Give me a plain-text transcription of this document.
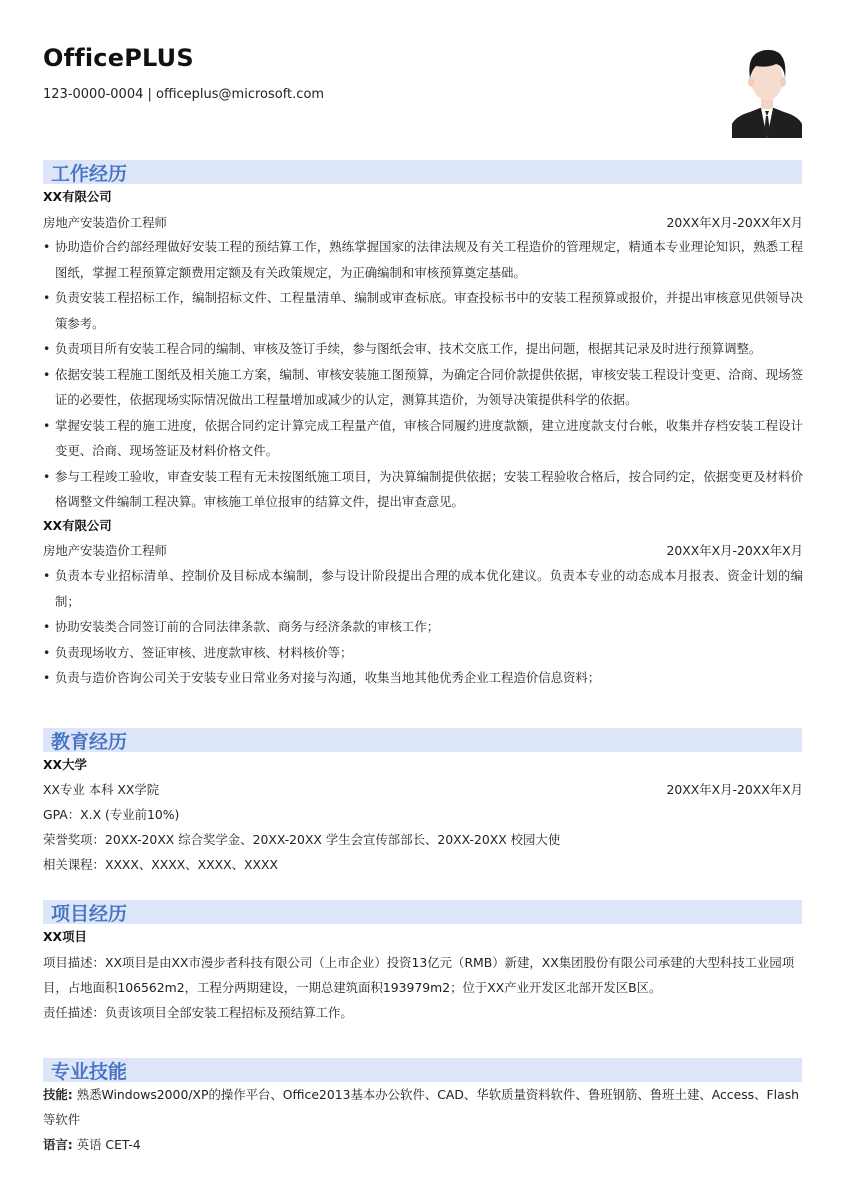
OfficePLUS
123-0000-0004 | officeplus@microsoft.com
工作经历
XX有限公司
房地产安装造价工程师	20XX年X月-20XX年X月
• 协助造价合约部经理做好安装工程的预结算工作，熟练掌握国家的法律法规及有关工程造价的管理规定，精通本专业理论知识，熟悉工程图纸，掌握工程预算定额费用定额及有关政策规定，为正确编制和审核预算奠定基础。
• 负责安装工程招标工作，编制招标文件、工程量清单、编制或审查标底。审查投标书中的安装工程预算或报价，并提出审核意见供领导决策参考。
• 负责项目所有安装工程合同的编制、审核及签订手续，参与图纸会审、技术交底工作，提出问题，根据其记录及时进行预算调整。
• 依据安装工程施工图纸及相关施工方案，编制、审核安装施工图预算，为确定合同价款提供依据，审核安装工程设计变更、洽商、现场签证的必要性，依据现场实际情况做出工程量增加或减少的认定，测算其造价，为领导决策提供科学的依据。
• 掌握安装工程的施工进度，依据合同约定计算完成工程量产值，审核合同履约进度款额，建立进度款支付台帐，收集并存档安装工程设计变更、洽商、现场签证及材料价格文件。
• 参与工程竣工验收，审查安装工程有无未按图纸施工项目，为决算编制提供依据；安装工程验收合格后，按合同约定，依据变更及材料价格调整文件编制工程决算。审核施工单位报审的结算文件，提出审查意见。
XX有限公司
房地产安装造价工程师	20XX年X月-20XX年X月
• 负责本专业招标清单、控制价及目标成本编制，参与设计阶段提出合理的成本优化建议。负责本专业的动态成本月报表、资金计划的编制；
• 协助安装类合同签订前的合同法律条款、商务与经济条款的审核工作；
• 负责现场收方、签证审核、进度款审核、材料核价等；
• 负责与造价咨询公司关于安装专业日常业务对接与沟通，收集当地其他优秀企业工程造价信息资料；
教育经历
XX大学
XX专业 本科 XX学院	20XX年X月-20XX年X月
GPA：X.X (专业前10%)
荣誉奖项：20XX-20XX 综合奖学金、20XX-20XX 学生会宣传部部长、20XX-20XX 校园大使
相关课程：XXXX、XXXX、XXXX、XXXX
项目经历
XX项目
项目描述：XX项目是由XX市漫步者科技有限公司（上市企业）投资13亿元（RMB）新建，XX集团股份有限公司承建的大型科技工业园项目，占地面积106562m2，工程分两期建设，一期总建筑面积193979m2；位于XX产业开发区北部开发区B区。
责任描述：负责该项目全部安装工程招标及预结算工作。
专业技能
技能: 熟悉Windows2000/XP的操作平台、Office2013基本办公软件、CAD、华软质量资料软件、鲁班钢筋、鲁班土建、Access、Flash等软件
语言: 英语 CET-4
